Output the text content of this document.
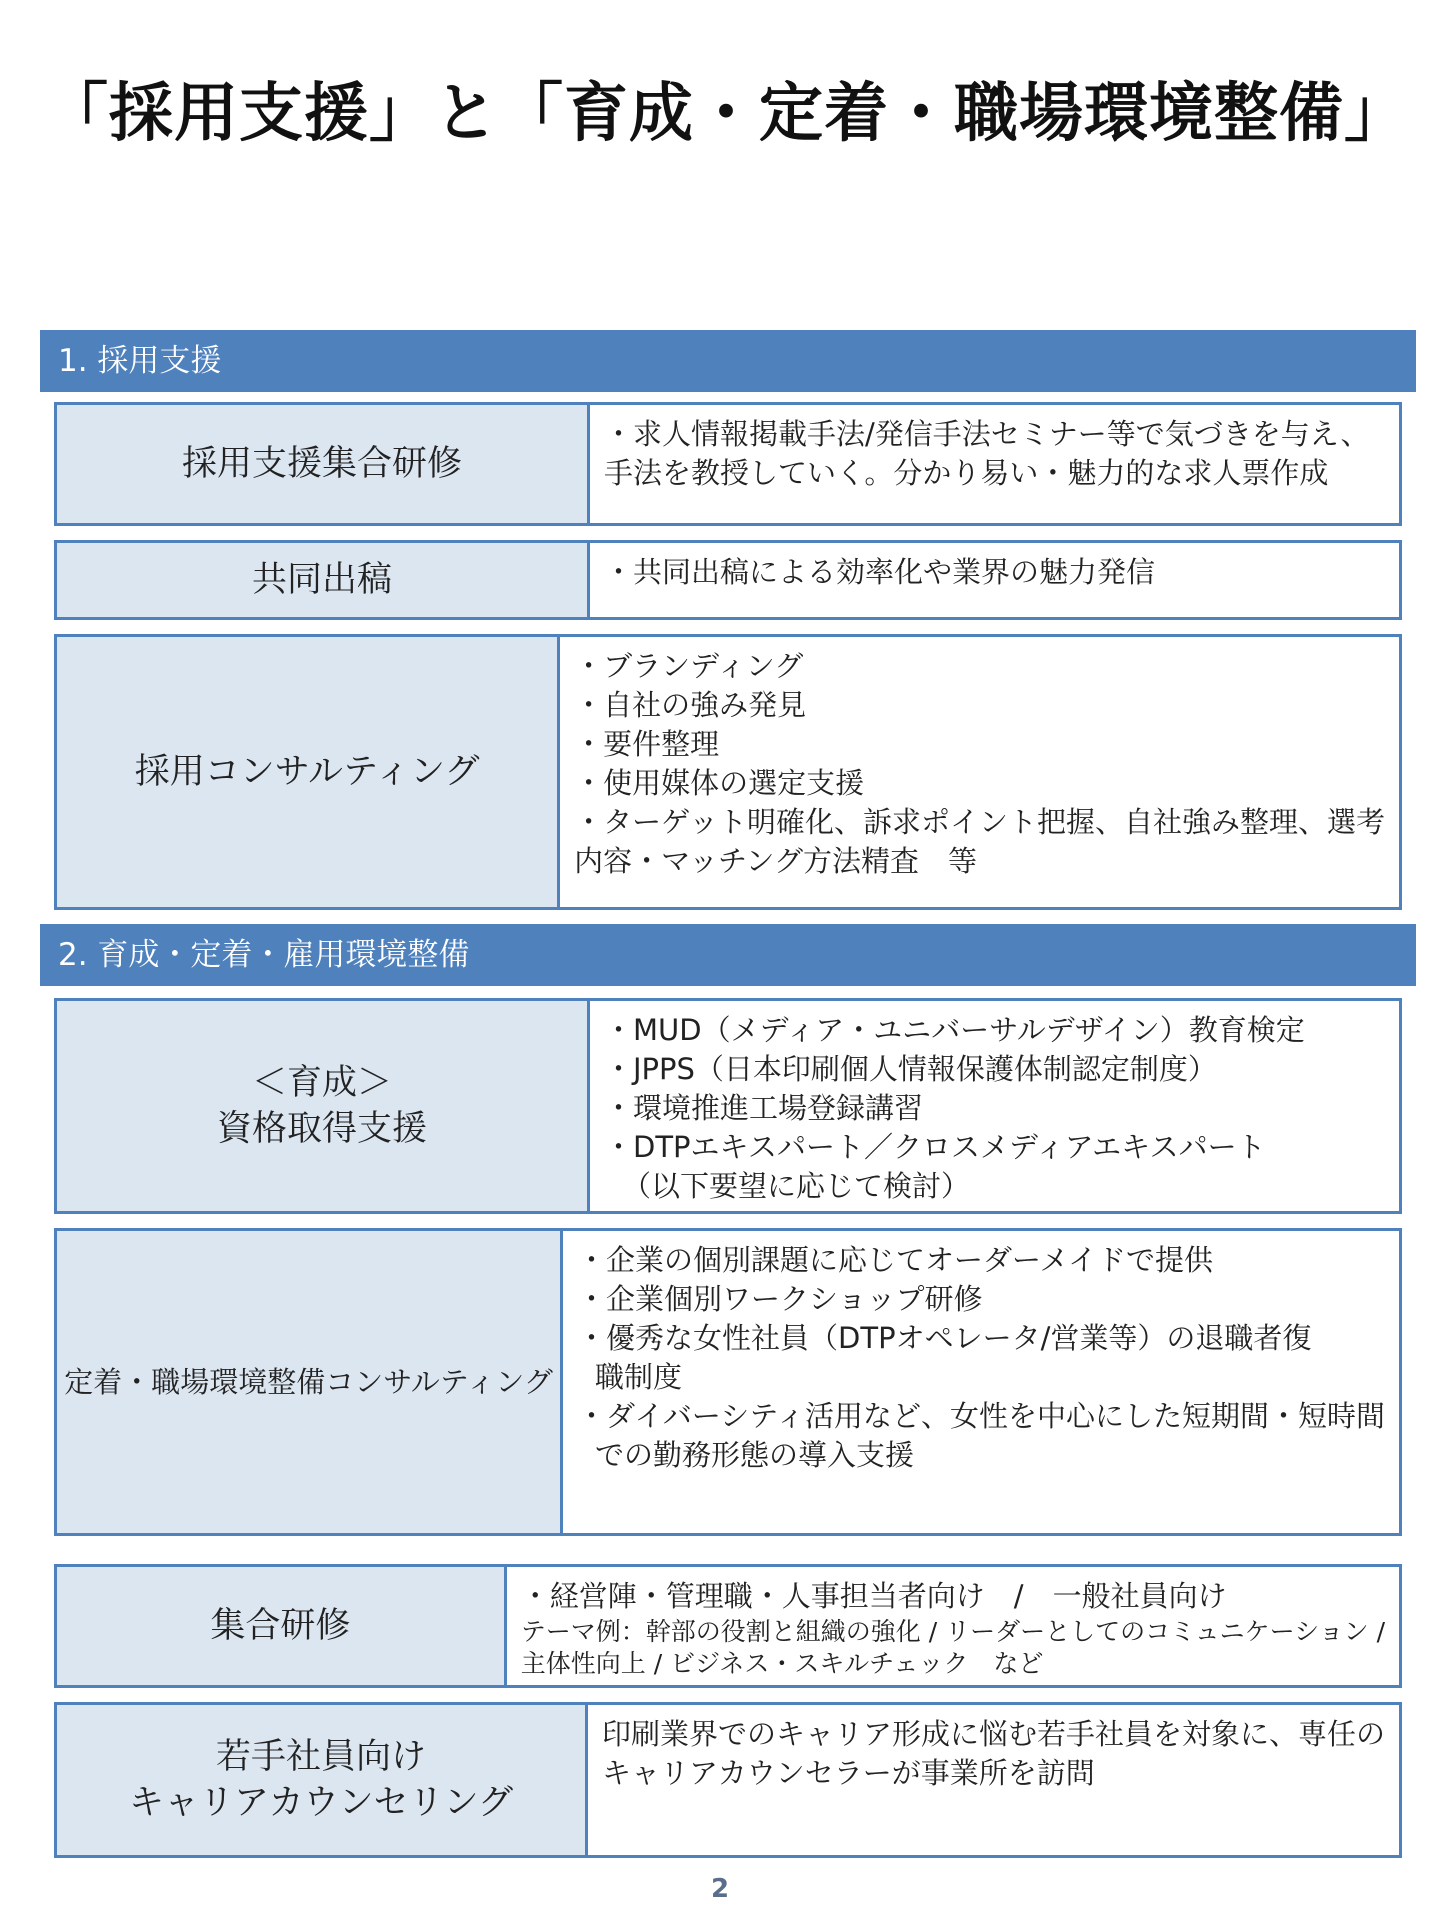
「採用支援」と「育成・定着・職場環境整備」
1. 採用支援
採用支援集合研修
・求人情報掲載手法/発信手法セミナー等で気づきを与え、
手法を教授していく。分かり易い・魅力的な求人票作成
共同出稿	・共同出稿による効率化や業界の魅力発信
採用コンサルティング
・ブランディング
・自社の強み発見
・要件整理
・使用媒体の選定支援
・ターゲット明確化、訴求ポイント把握、自社強み整理、選考
内容・マッチング方法精査　等
2. 育成・定着・雇用環境整備
＜育成＞
資格取得支援
・MUD（メディア・ユニバーサルデザイン）教育検定
・JPPS（日本印刷個人情報保護体制認定制度）
・環境推進工場登録講習
・DTPエキスパート／クロスメディアエキスパート
（以下要望に応じて検討）
定着・職場環境整備コンサルティング
・企業の個別課題に応じてオーダーメイドで提供
・企業個別ワークショップ研修
・優秀な女性社員（DTPオペレータ/営業等）の退職者復
職制度
・ダイバーシティ活用など、女性を中心にした短期間・短時間
での勤務形態の導入支援
集合研修
・経営陣・管理職・人事担当者向け　/　一般社員向け
テーマ例：幹部の役割と組織の強化 / リーダーとしてのコミュニケーション /
主体性向上 / ビジネス・スキルチェック　など
若手社員向け
キャリアカウンセリング
印刷業界でのキャリア形成に悩む若手社員を対象に、専任の
キャリアカウンセラーが事業所を訪問
2
